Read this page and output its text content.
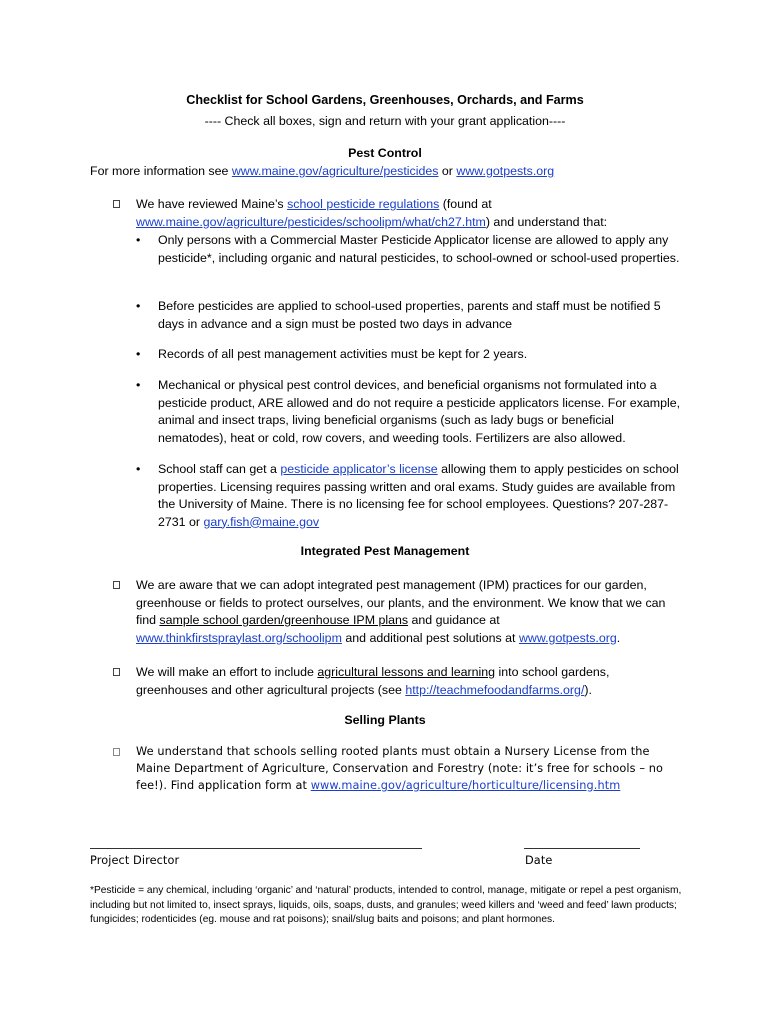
Checklist for School Gardens, Greenhouses, Orchards, and Farms
---- Check all boxes, sign and return with your grant application----
Pest Control
For more information see www.maine.gov/agriculture/pesticides or www.gotpests.org
We have reviewed Maine’s school pesticide regulations (found at
www.maine.gov/agriculture/pesticides/schoolipm/what/ch27.htm) and understand that:
• Only persons with a Commercial Master Pesticide Applicator license are allowed to apply any pesticide*, including organic and natural pesticides, to school-owned or school-used properties.
• Before pesticides are applied to school-used properties, parents and staff must be notified 5 days in advance and a sign must be posted two days in advance
• Records of all pest management activities must be kept for 2 years.
• Mechanical or physical pest control devices, and beneficial organisms not formulated into a pesticide product, ARE allowed and do not require a pesticide applicators license. For example, animal and insect traps, living beneficial organisms (such as lady bugs or beneficial nematodes), heat or cold, row covers, and weeding tools. Fertilizers are also allowed.
• School staff can get a pesticide applicator’s license allowing them to apply pesticides on school properties. Licensing requires passing written and oral exams. Study guides are available from the University of Maine. There is no licensing fee for school employees. Questions? 207-287-2731 or gary.fish@maine.gov
Integrated Pest Management
We are aware that we can adopt integrated pest management (IPM) practices for our garden, greenhouse or fields to protect ourselves, our plants, and the environment. We know that we can find sample school garden/greenhouse IPM plans and guidance at www.thinkfirstspraylast.org/schoolipm and additional pest solutions at www.gotpests.org.
We will make an effort to include agricultural lessons and learning into school gardens, greenhouses and other agricultural projects (see http://teachmefoodandfarms.org/).
Selling Plants
We understand that schools selling rooted plants must obtain a Nursery License from the Maine Department of Agriculture, Conservation and Forestry (note: it’s free for schools – no fee!). Find application form at www.maine.gov/agriculture/horticulture/licensing.htm
Project Director	Date
*Pesticide = any chemical, including ‘organic’ and ‘natural’ products, intended to control, manage, mitigate or repel a pest organism, including but not limited to, insect sprays, liquids, oils, soaps, dusts, and granules; weed killers and ‘weed and feed’ lawn products; fungicides; rodenticides (eg. mouse and rat poisons); snail/slug baits and poisons; and plant hormones.
